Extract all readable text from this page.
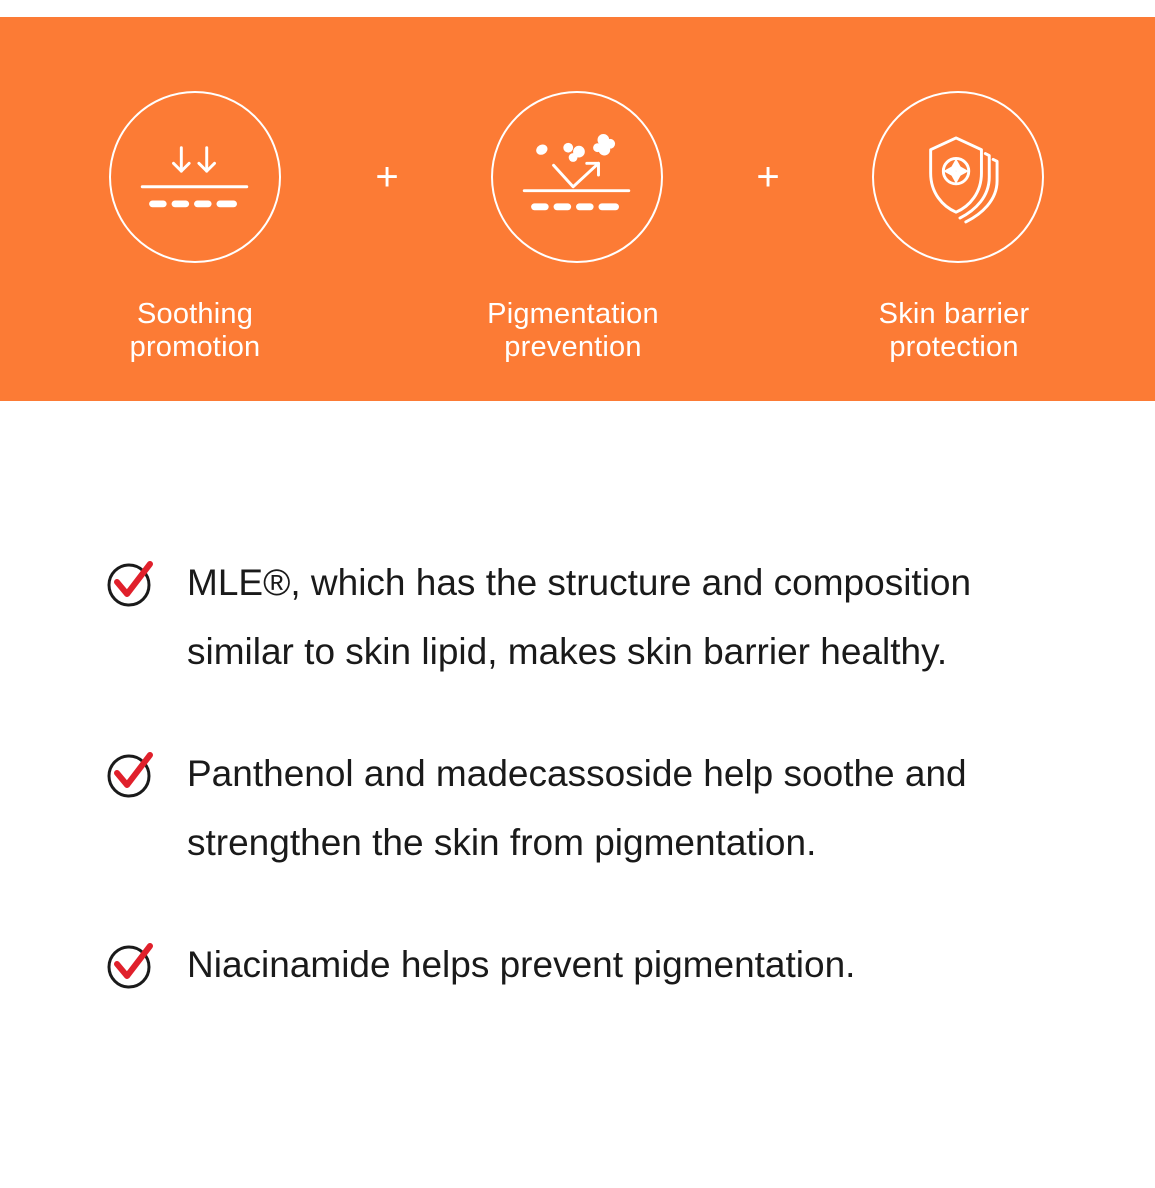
Soothing
promotion
+
Pigmentation
prevention
+
Skin barrier
protection
MLE®, which has the structure and composition similar to skin lipid, makes skin barrier healthy.
Panthenol and madecassoside help soothe and strengthen the skin from pigmentation.
Niacinamide helps prevent pigmentation.
